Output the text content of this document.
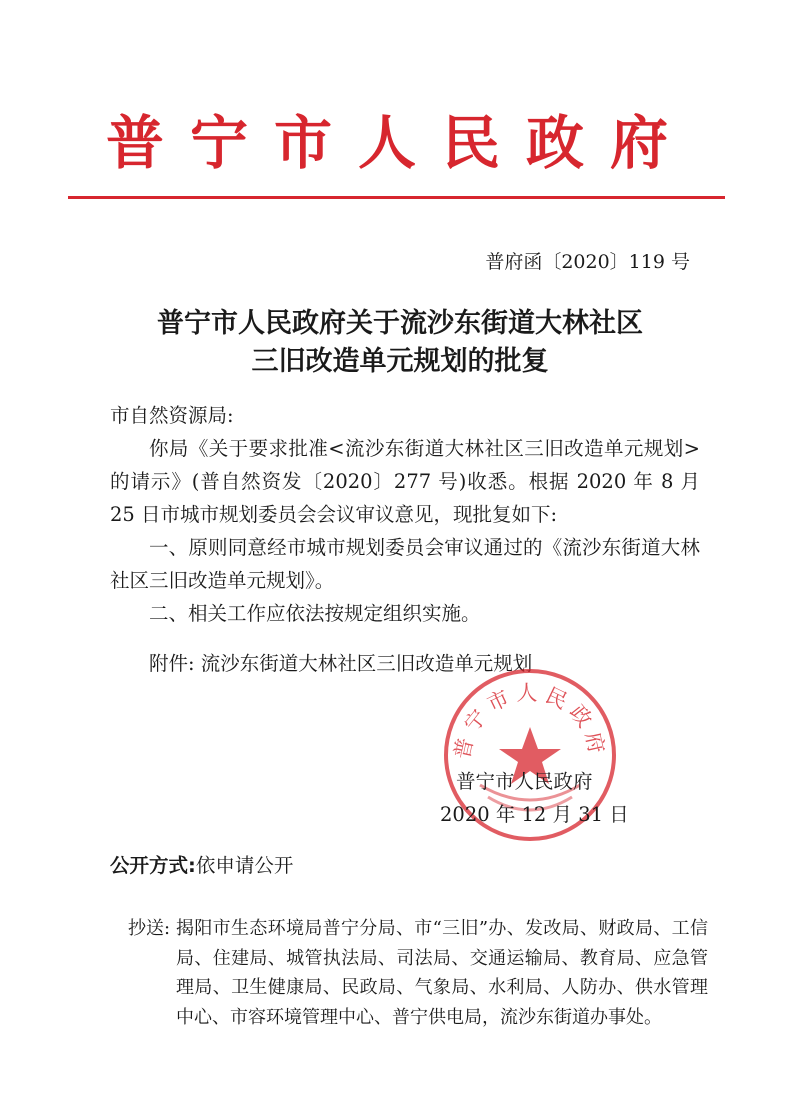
普宁市人民政府
普府函〔2020〕119 号
普宁市人民政府关于流沙东街道大林社区
三旧改造单元规划的批复

市自然资源局:

你局《关于要求批准<流沙东街道大林社区三旧改造单元规划>的请示》(普自然资发〔2020〕277 号)收悉。根据 2020 年 8 月 25 日市城市规划委员会会议审议意见，现批复如下:

一、原则同意经市城市规划委员会审议通过的《流沙东街道大林社区三旧改造单元规划》。

二、相关工作应依法按规定组织实施。

附件: 流沙东街道大林社区三旧改造单元规划

普宁市人民政府
普宁市人民政府
2020 年 12 月 31 日
公开方式:依申请公开
抄送: 揭阳市生态环境局普宁分局、市“三旧”办、发改局、财政局、工信局、住建局、城管执法局、司法局、交通运输局、教育局、应急管理局、卫生健康局、民政局、气象局、水利局、人防办、供水管理中心、市容环境管理中心、普宁供电局，流沙东街道办事处。
